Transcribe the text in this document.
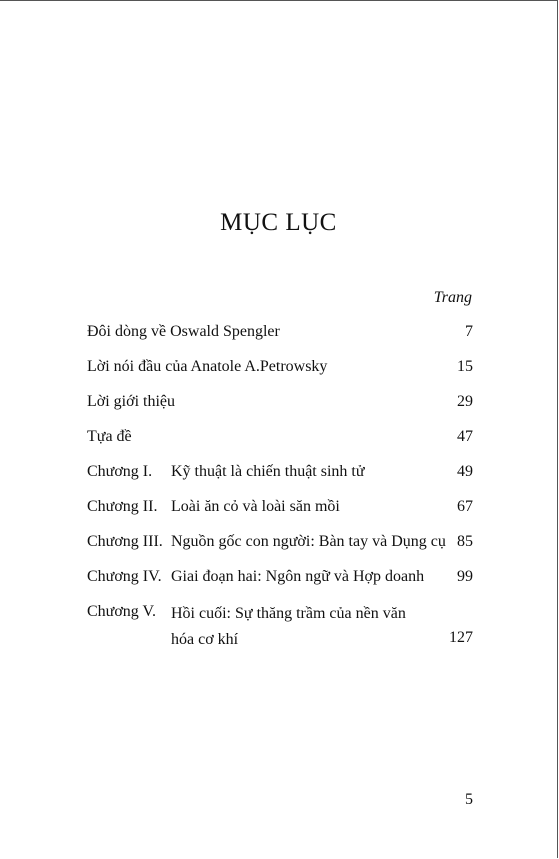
MỤC LỤC
Trang
Đôi dòng về Oswald Spengler	7
Lời nói đầu của Anatole A.Petrowsky	15
Lời giới thiệu	29
Tựa đề	47
Chương I. Kỹ thuật là chiến thuật sinh tử	49
Chương II. Loài ăn cỏ và loài săn mồi	67
Chương III. Nguồn gốc con người: Bàn tay và Dụng cụ 85
Chương IV. Giai đoạn hai: Ngôn ngữ và Hợp doanh 99
Chương V. Hồi cuối: Sự thăng trầm của nền văn
hóa cơ khí	127
5
